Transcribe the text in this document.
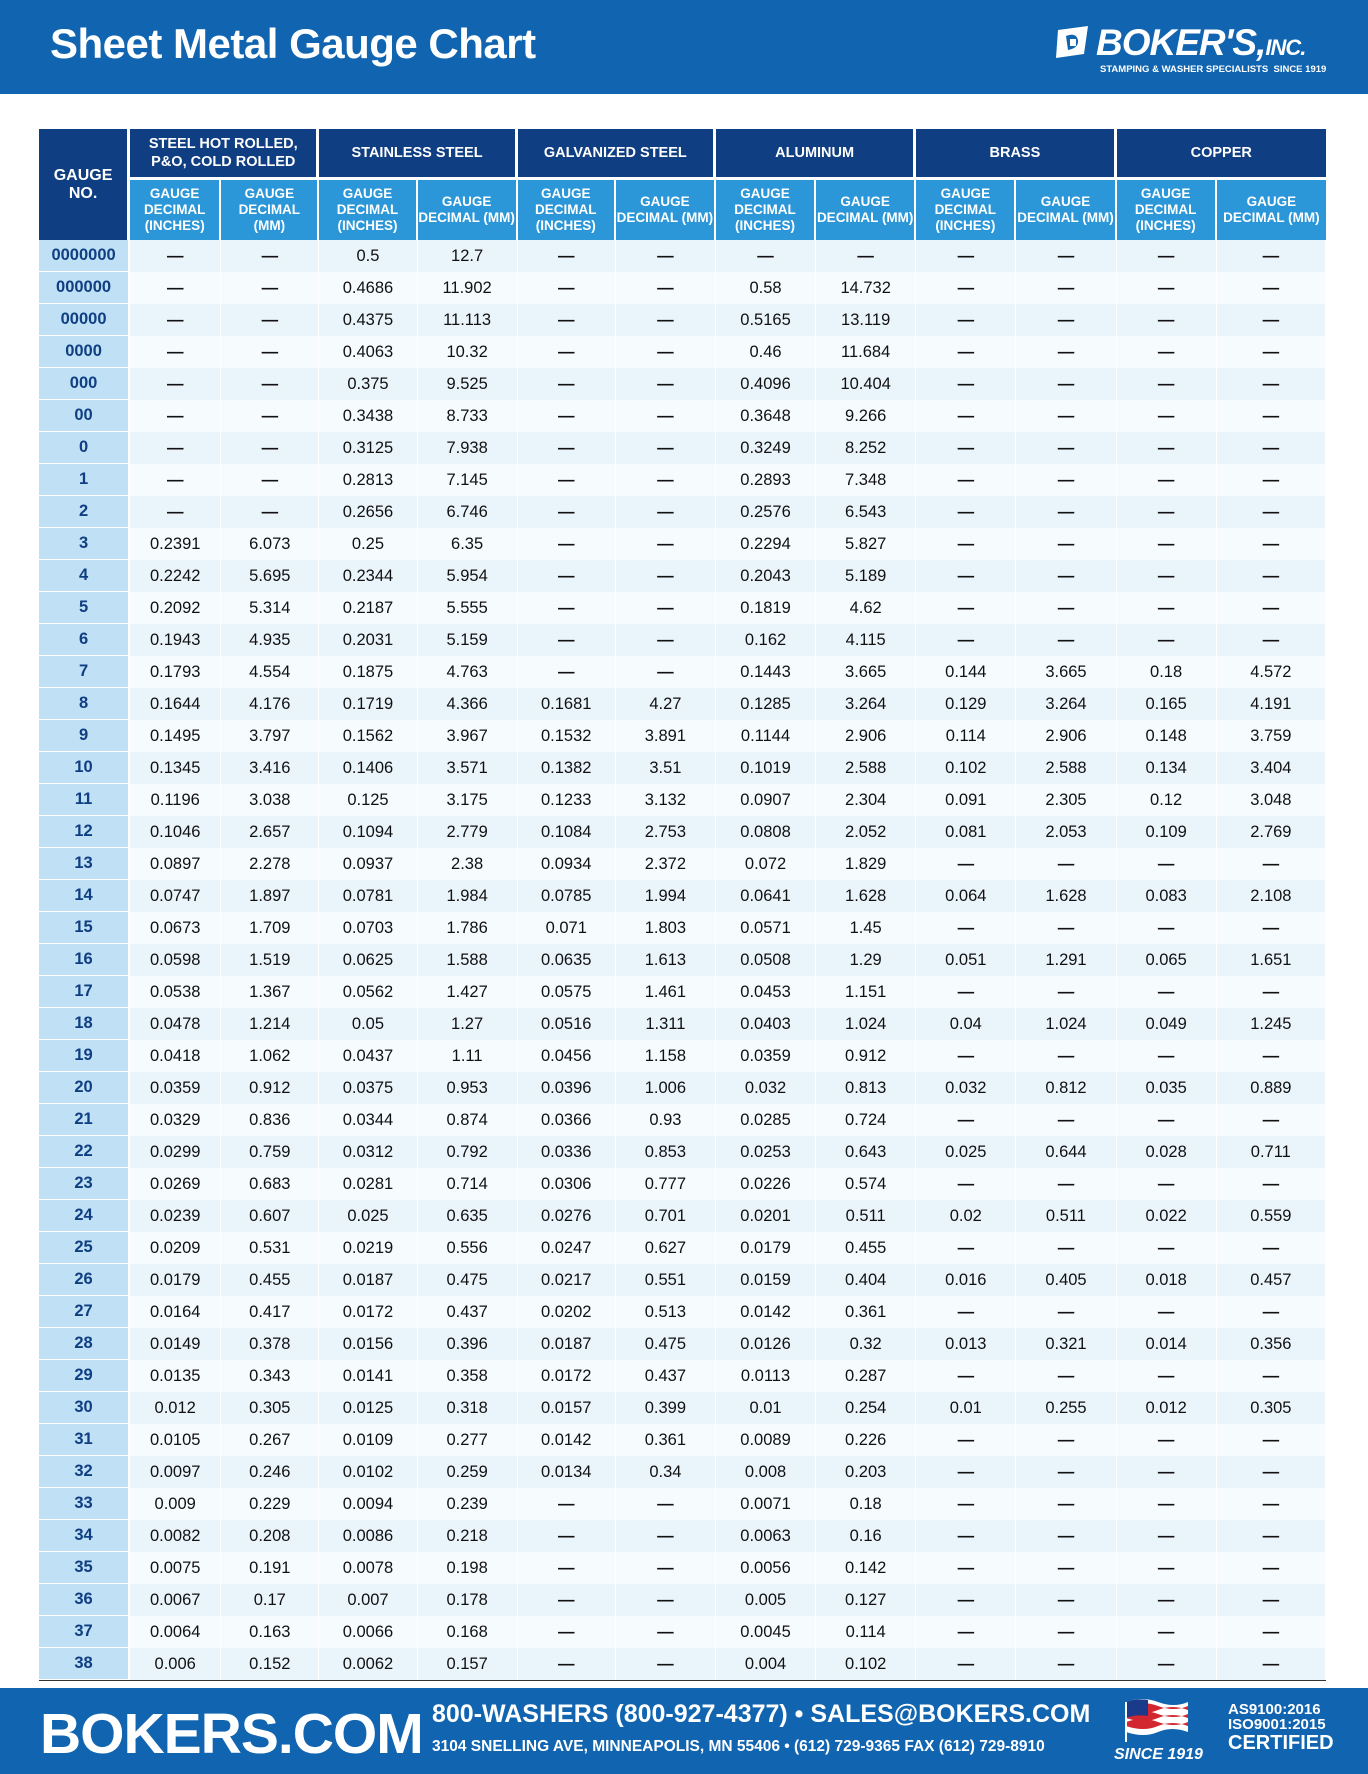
Sheet Metal Gauge Chart	BOKER'S,INC.
STAMPING & WASHER SPECIALISTS SINCE 1919
GAUGE NO.	STEEL HOT ROLLED, P&O, COLD ROLLED		STAINLESS STEEL		GALVANIZED STEEL		ALUMINUM		BRASS		COPPER	
	GAUGE DECIMAL (INCHES)	GAUGE DECIMAL (MM)	GAUGE DECIMAL (INCHES)	GAUGE DECIMAL (MM)	GAUGE DECIMAL (INCHES)	GAUGE DECIMAL (MM)	GAUGE DECIMAL (INCHES)	GAUGE DECIMAL (MM)	GAUGE DECIMAL (INCHES)	GAUGE DECIMAL (MM)	GAUGE DECIMAL (INCHES)	GAUGE DECIMAL (MM)
0000000	—	—	0.5	12.7	—	—	—	—	—	—	—	—
000000	—	—	0.4686	11.902	—	—	0.58	14.732	—	—	—	—
00000	—	—	0.4375	11.113	—	—	0.5165	13.119	—	—	—	—
0000	—	—	0.4063	10.32	—	—	0.46	11.684	—	—	—	—
000	—	—	0.375	9.525	—	—	0.4096	10.404	—	—	—	—
00	—	—	0.3438	8.733	—	—	0.3648	9.266	—	—	—	—
0	—	—	0.3125	7.938	—	—	0.3249	8.252	—	—	—	—
1	—	—	0.2813	7.145	—	—	0.2893	7.348	—	—	—	—
2	—	—	0.2656	6.746	—	—	0.2576	6.543	—	—	—	—
3	0.2391	6.073	0.25	6.35	—	—	0.2294	5.827	—	—	—	—
4	0.2242	5.695	0.2344	5.954	—	—	0.2043	5.189	—	—	—	—
5	0.2092	5.314	0.2187	5.555	—	—	0.1819	4.62	—	—	—	—
6	0.1943	4.935	0.2031	5.159	—	—	0.162	4.115	—	—	—	—
7	0.1793	4.554	0.1875	4.763	—	—	0.1443	3.665	0.144	3.665	0.18	4.572
8	0.1644	4.176	0.1719	4.366	0.1681	4.27	0.1285	3.264	0.129	3.264	0.165	4.191
9	0.1495	3.797	0.1562	3.967	0.1532	3.891	0.1144	2.906	0.114	2.906	0.148	3.759
10	0.1345	3.416	0.1406	3.571	0.1382	3.51	0.1019	2.588	0.102	2.588	0.134	3.404
11	0.1196	3.038	0.125	3.175	0.1233	3.132	0.0907	2.304	0.091	2.305	0.12	3.048
12	0.1046	2.657	0.1094	2.779	0.1084	2.753	0.0808	2.052	0.081	2.053	0.109	2.769
13	0.0897	2.278	0.0937	2.38	0.0934	2.372	0.072	1.829	—	—	—	—
14	0.0747	1.897	0.0781	1.984	0.0785	1.994	0.0641	1.628	0.064	1.628	0.083	2.108
15	0.0673	1.709	0.0703	1.786	0.071	1.803	0.0571	1.45	—	—	—	—
16	0.0598	1.519	0.0625	1.588	0.0635	1.613	0.0508	1.29	0.051	1.291	0.065	1.651
17	0.0538	1.367	0.0562	1.427	0.0575	1.461	0.0453	1.151	—	—	—	—
18	0.0478	1.214	0.05	1.27	0.0516	1.311	0.0403	1.024	0.04	1.024	0.049	1.245
19	0.0418	1.062	0.0437	1.11	0.0456	1.158	0.0359	0.912	—	—	—	—
20	0.0359	0.912	0.0375	0.953	0.0396	1.006	0.032	0.813	0.032	0.812	0.035	0.889
21	0.0329	0.836	0.0344	0.874	0.0366	0.93	0.0285	0.724	—	—	—	—
22	0.0299	0.759	0.0312	0.792	0.0336	0.853	0.0253	0.643	0.025	0.644	0.028	0.711
23	0.0269	0.683	0.0281	0.714	0.0306	0.777	0.0226	0.574	—	—	—	—
24	0.0239	0.607	0.025	0.635	0.0276	0.701	0.0201	0.511	0.02	0.511	0.022	0.559
25	0.0209	0.531	0.0219	0.556	0.0247	0.627	0.0179	0.455	—	—	—	—
26	0.0179	0.455	0.0187	0.475	0.0217	0.551	0.0159	0.404	0.016	0.405	0.018	0.457
27	0.0164	0.417	0.0172	0.437	0.0202	0.513	0.0142	0.361	—	—	—	—
28	0.0149	0.378	0.0156	0.396	0.0187	0.475	0.0126	0.32	0.013	0.321	0.014	0.356
29	0.0135	0.343	0.0141	0.358	0.0172	0.437	0.0113	0.287	—	—	—	—
30	0.012	0.305	0.0125	0.318	0.0157	0.399	0.01	0.254	0.01	0.255	0.012	0.305
31	0.0105	0.267	0.0109	0.277	0.0142	0.361	0.0089	0.226	—	—	—	—
32	0.0097	0.246	0.0102	0.259	0.0134	0.34	0.008	0.203	—	—	—	—
33	0.009	0.229	0.0094	0.239	—	—	0.0071	0.18	—	—	—	—
34	0.0082	0.208	0.0086	0.218	—	—	0.0063	0.16	—	—	—	—
35	0.0075	0.191	0.0078	0.198	—	—	0.0056	0.142	—	—	—	—
36	0.0067	0.17	0.007	0.178	—	—	0.005	0.127	—	—	—	—
37	0.0064	0.163	0.0066	0.168	—	—	0.0045	0.114	—	—	—	—
38	0.006	0.152	0.0062	0.157	—	—	0.004	0.102	—	—	—	—
BOKERS.COM 800-WASHERS (800-927-4377) • SALES@BOKERS.COM
3104 SNELLING AVE, MINNEAPOLIS, MN 55406 • (612) 729-9365 FAX (612) 729-8910	SINCE 1919
AS9100:2016
ISO9001:2015
CERTIFIED
